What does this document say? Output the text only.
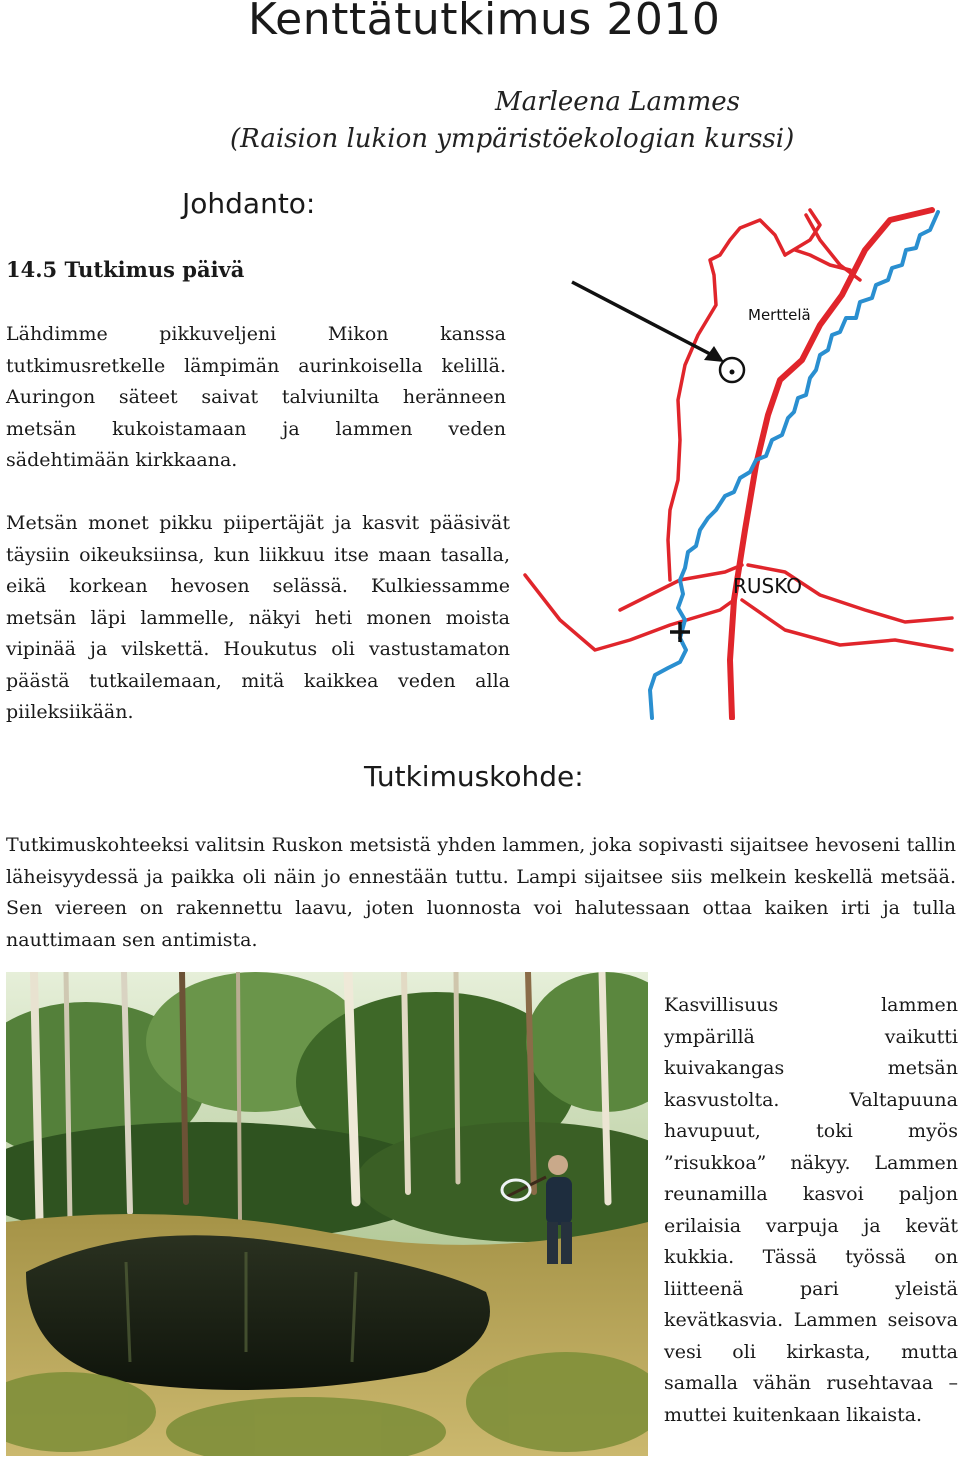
Kenttätutkimus 2010
Marleena Lammes
(Raision lukion ympäristöekologian kurssi)
Johdanto:
14.5 Tutkimus päivä

Lähdimme pikkuveljeni Mikon kanssa tutkimusretkelle lämpimän aurinkoisella kelillä. Auringon säteet saivat talviunilta heränneen metsän kukoistamaan ja lammen veden sädehtimään kirkkaana.

Metsän monet pikku piipertäjät ja kasvit pääsivät täysiin oikeuksiinsa, kun liikkuu itse maan tasalla, eikä korkean hevosen selässä. Kulkiessamme metsän läpi lammelle, näkyi heti monen moista vipinää ja vilskettä. Houkutus oli vastustamaton päästä tutkailemaan, mitä kaikkea veden alla piileksiikään.

Merttelä
RUSKO
Tutkimuskohde:

Tutkimuskohteeksi valitsin Ruskon metsistä yhden lammen, joka sopivasti sijaitsee hevoseni tallin läheisyydessä ja paikka oli näin jo ennestään tuttu. Lampi sijaitsee siis melkein keskellä metsää. Sen viereen on rakennettu laavu, joten luonnosta voi halutessaan ottaa kaiken irti ja tulla nauttimaan sen antimista.

Kasvillisuus lammen ympärillä vaikutti kuivakangas metsän kasvustolta. Valtapuuna havupuut, toki myös ”risukkoa” näkyy. Lammen reunamilla kasvoi paljon erilaisia varpuja ja kevät kukkia. Tässä työssä on liitteenä pari yleistä kevätkasvia. Lammen seisova vesi oli kirkasta, mutta samalla vähän rusehtavaa – muttei kuitenkaan likaista.
